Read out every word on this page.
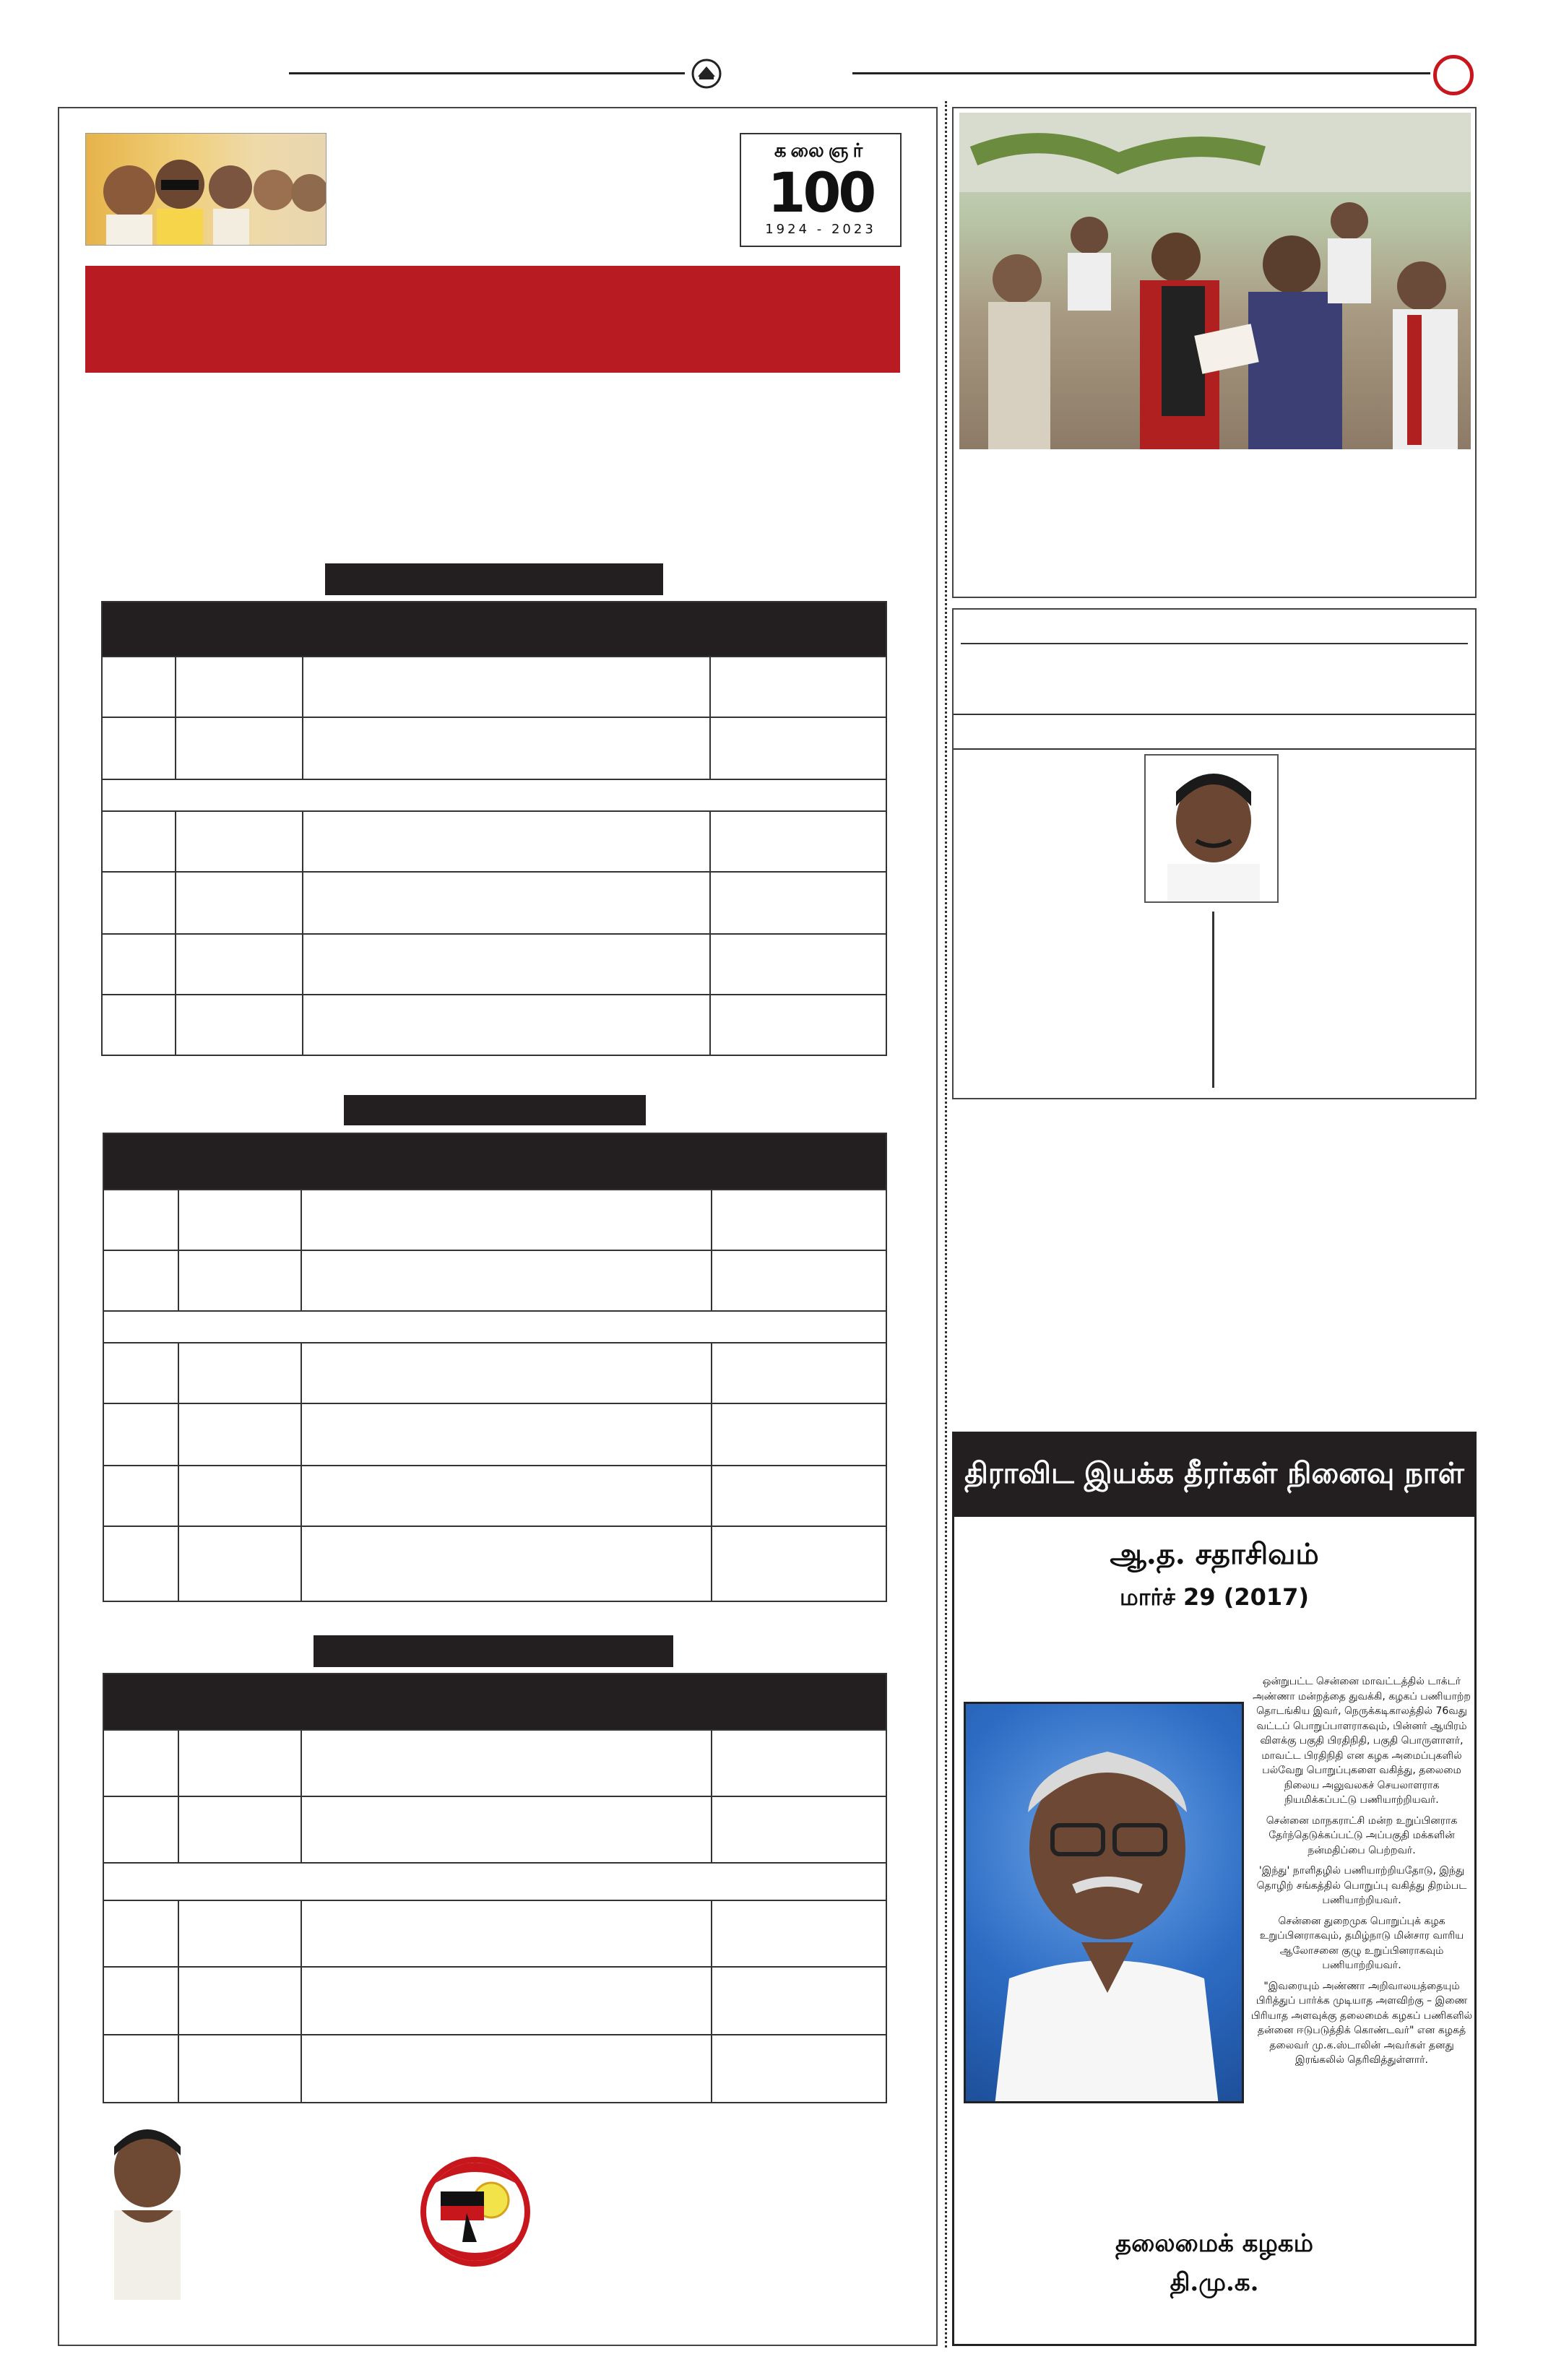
கலைஞர்
100
1924 - 2023
திராவிட இயக்க தீரர்கள் நினைவு நாள்
ஆ.த. சதாசிவம்
மார்ச் 29 (2017)

ஒன்றுபட்ட சென்னை மாவட்டத்தில் டாக்டர் அண்ணா மன்றத்தை துவக்கி, கழகப் பணியாற்ற தொடங்கிய இவர், நெருக்கடிகாலத்தில் 76வது வட்டப் பொறுப்பாளராகவும், பின்னர் ஆயிரம் விளக்கு பகுதி பிரதிநிதி, பகுதி பொருளாளர், மாவட்ட பிரதிநிதி என கழக அமைப்புகளில் பல்வேறு பொறுப்புகளை வகித்து, தலைமை நிலைய அலுவலகச் செயலாளராக நியமிக்கப்பட்டு பணியாற்றியவர்.

சென்னை மாநகராட்சி மன்ற உறுப்பினராக தேர்ந்தெடுக்கப்பட்டு அப்பகுதி மக்களின் நன்மதிப்பை பெற்றவர்.

'இந்து' நாளிதழில் பணியாற்றியதோடு, இந்து தொழிற் சங்கத்தில் பொறுப்பு வகித்து திறம்பட பணியாற்றியவர்.

சென்னை துறைமுக பொறுப்புக் கழக உறுப்பினராகவும், தமிழ்நாடு மின்சார வாரிய ஆலோசனை குழு உறுப்பினராகவும் பணியாற்றியவர்.

"இவரையும் அண்ணா அறிவாலயத்தையும் பிரித்துப் பார்க்க முடியாத அளவிற்கு – இணை பிரியாத அளவுக்கு தலைமைக் கழகப் பணிகளில் தன்னை ஈடுபடுத்திக் கொண்டவர்" என கழகத் தலைவர் மு.க.ஸ்டாலின் அவர்கள் தனது இரங்கலில் தெரிவித்துள்ளார்.

தலைமைக் கழகம்
தி.மு.க.
